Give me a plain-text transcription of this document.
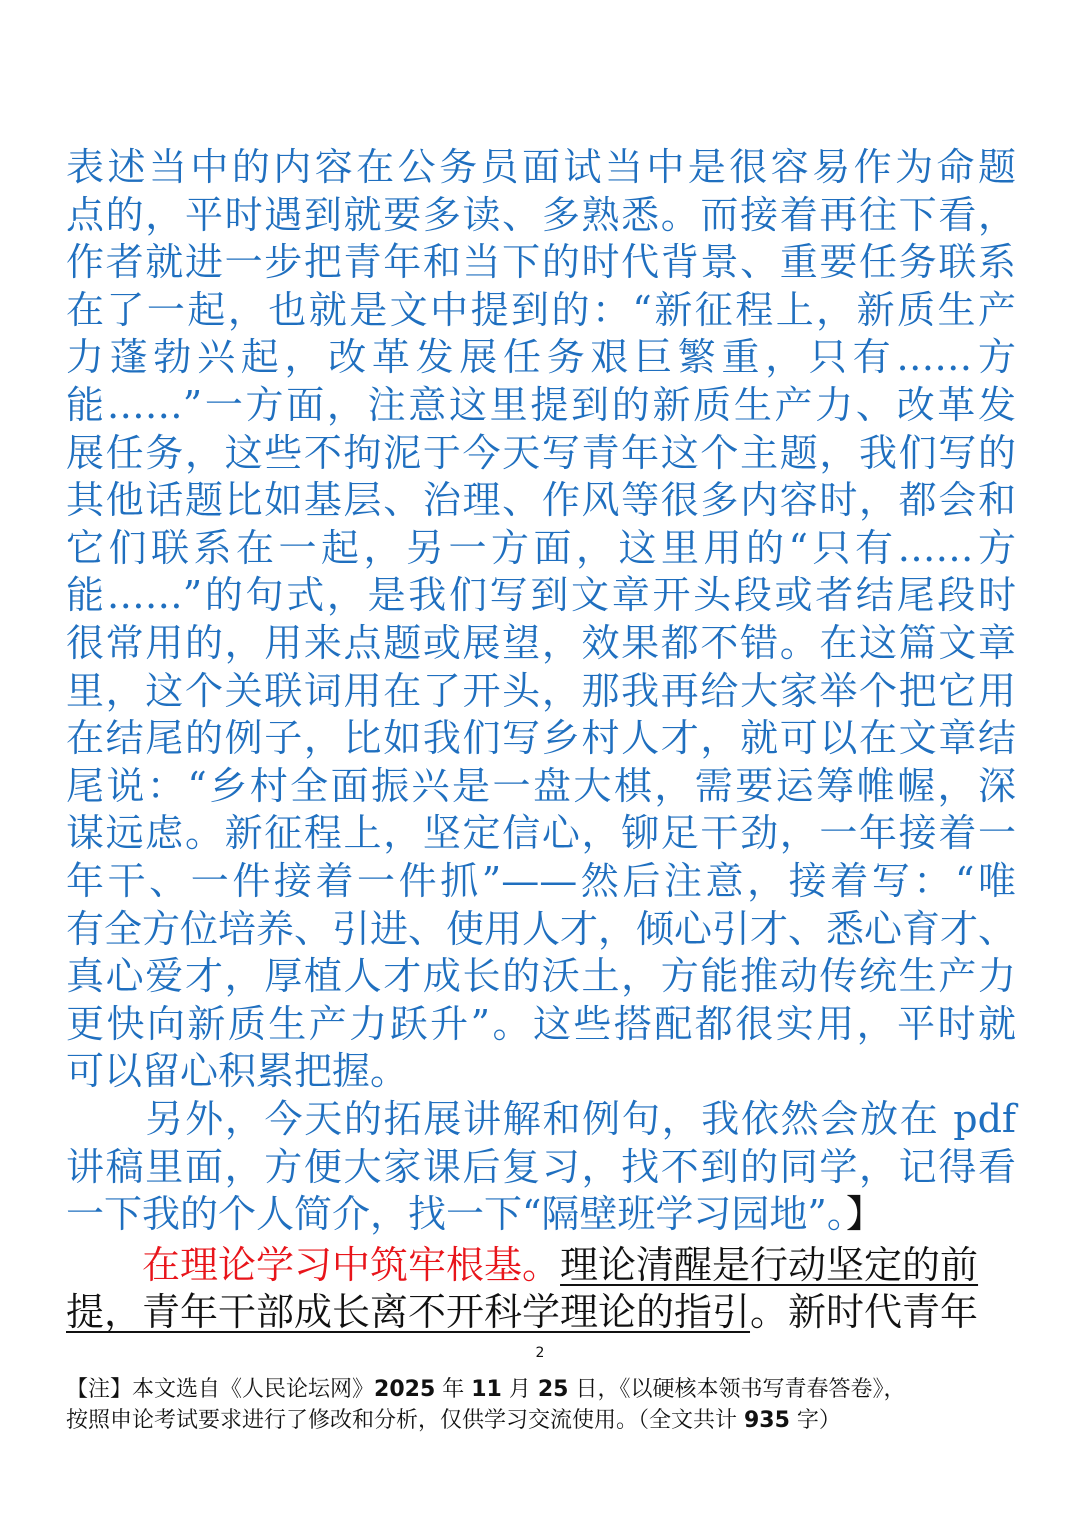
表述当中的内容在公务员面试当中是很容易作为命题
点的，平时遇到就要多读、多熟悉。而接着再往下看，
作者就进一步把青年和当下的时代背景、重要任务联系
在了一起，也就是文中提到的：“新征程上，新质生产
力蓬勃兴起，改革发展任务艰巨繁重，只有……方
能……”一方面，注意这里提到的新质生产力、改革发
展任务，这些不拘泥于今天写青年这个主题，我们写的
其他话题比如基层、治理、作风等很多内容时，都会和
它们联系在一起，另一方面，这里用的“只有……方
能……”的句式，是我们写到文章开头段或者结尾段时
很常用的，用来点题或展望，效果都不错。在这篇文章
里，这个关联词用在了开头，那我再给大家举个把它用
在结尾的例子，比如我们写乡村人才，就可以在文章结
尾说：“乡村全面振兴是一盘大棋，需要运筹帷幄，深
谋远虑。新征程上，坚定信心，铆足干劲，一年接着一
年干、一件接着一件抓”——然后注意，接着写：“唯
有全方位培养、引进、使用人才，倾心引才、悉心育才、
真心爱才，厚植人才成长的沃土，方能推动传统生产力
更快向新质生产力跃升”。这些搭配都很实用，平时就
可以留心积累把握。
　　另外，今天的拓展讲解和例句，我依然会放在 pdf
讲稿里面，方便大家课后复习，找不到的同学，记得看
一下我的个人简介，找一下“隔壁班学习园地”。】
　　在理论学习中筑牢根基。理论清醒是行动坚定的前
提，青年干部成长离不开科学理论的指引。新时代青年
2
【注】本文选自《人民论坛网》2025 年 11 月 25 日，《以硬核本领书写青春答卷》，
按照申论考试要求进行了修改和分析，仅供学习交流使用。（全文共计 935 字）
